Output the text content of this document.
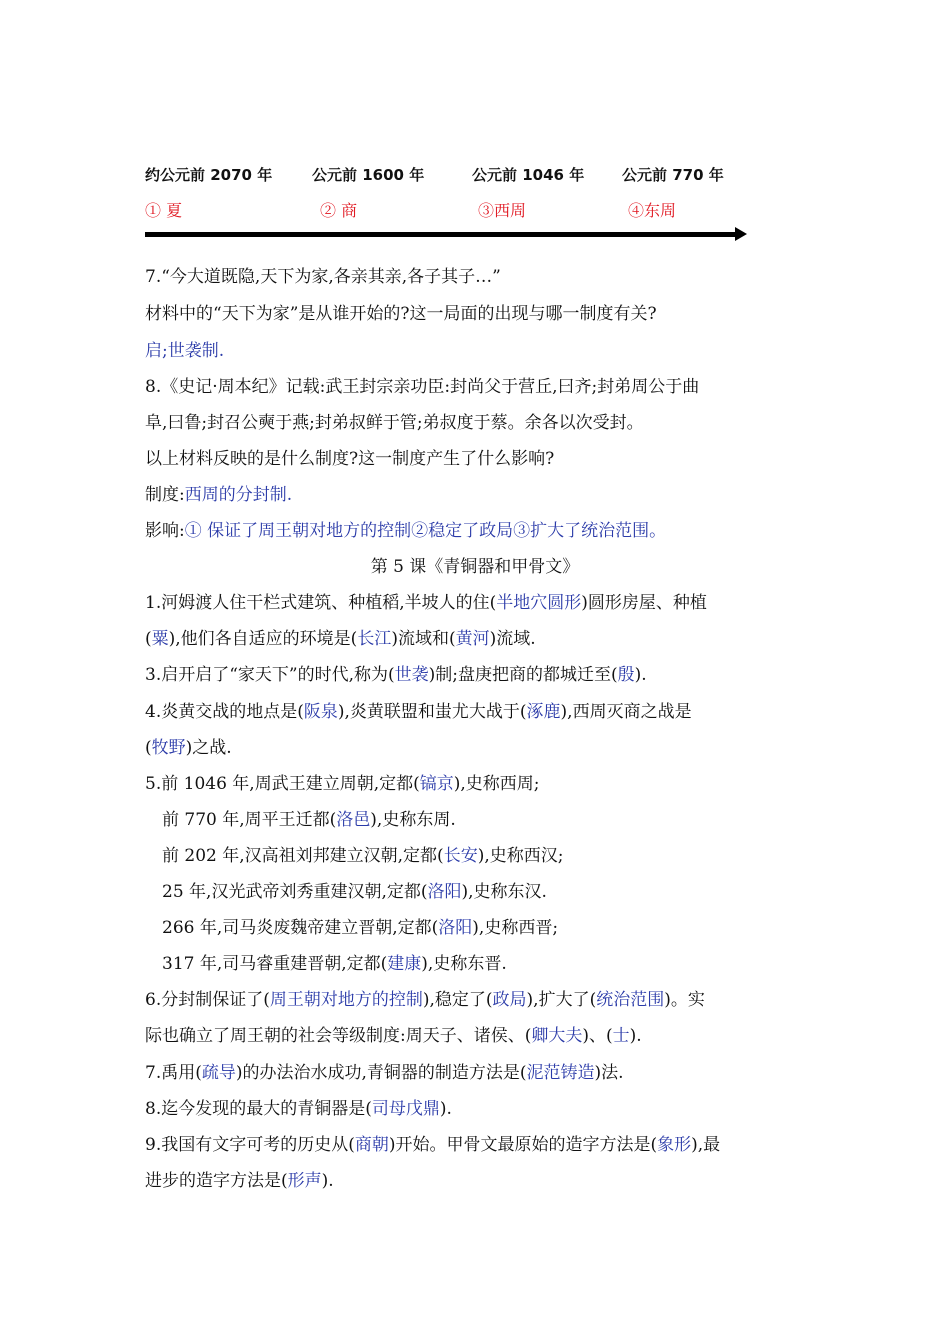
约公元前 2070 年	公元前 1600 年	公元前 1046 年	公元前 770 年
① 夏	② 商	③西周	④东周
7.“今大道既隐,天下为家,各亲其亲,各子其子…”
材料中的“天下为家”是从谁开始的?这一局面的出现与哪一制度有关?
启;世袭制.
8.《史记·周本纪》记载:武王封宗亲功臣:封尚父于营丘,曰齐;封弟周公于曲
阜,曰鲁;封召公奭于燕;封弟叔鲜于管;弟叔度于蔡。余各以次受封。
以上材料反映的是什么制度?这一制度产生了什么影响?
制度:西周的分封制.
影响:① 保证了周王朝对地方的控制②稳定了政局③扩大了统治范围。
第 5 课《青铜器和甲骨文》
1.河姆渡人住干栏式建筑、种植稻,半坡人的住(半地穴圆形)圆形房屋、种植
(粟),他们各自适应的环境是(长江)流域和(黄河)流域.
3.启开启了“家天下”的时代,称为(世袭)制;盘庚把商的都城迁至(殷).
4.炎黄交战的地点是(阪泉),炎黄联盟和蚩尤大战于(涿鹿),西周灭商之战是
(牧野)之战.
5.前 1046 年,周武王建立周朝,定都(镐京),史称西周;
前 770 年,周平王迁都(洛邑),史称东周.
前 202 年,汉高祖刘邦建立汉朝,定都(长安),史称西汉;
25 年,汉光武帝刘秀重建汉朝,定都(洛阳),史称东汉.
266 年,司马炎废魏帝建立晋朝,定都(洛阳),史称西晋;
317 年,司马睿重建晋朝,定都(建康),史称东晋.
6.分封制保证了(周王朝对地方的控制),稳定了(政局),扩大了(统治范围)。实
际也确立了周王朝的社会等级制度:周天子、诸侯、(卿大夫)、(士).
7.禹用(疏导)的办法治水成功,青铜器的制造方法是(泥范铸造)法.
8.迄今发现的最大的青铜器是(司母戊鼎).
9.我国有文字可考的历史从(商朝)开始。甲骨文最原始的造字方法是(象形),最
进步的造字方法是(形声).
